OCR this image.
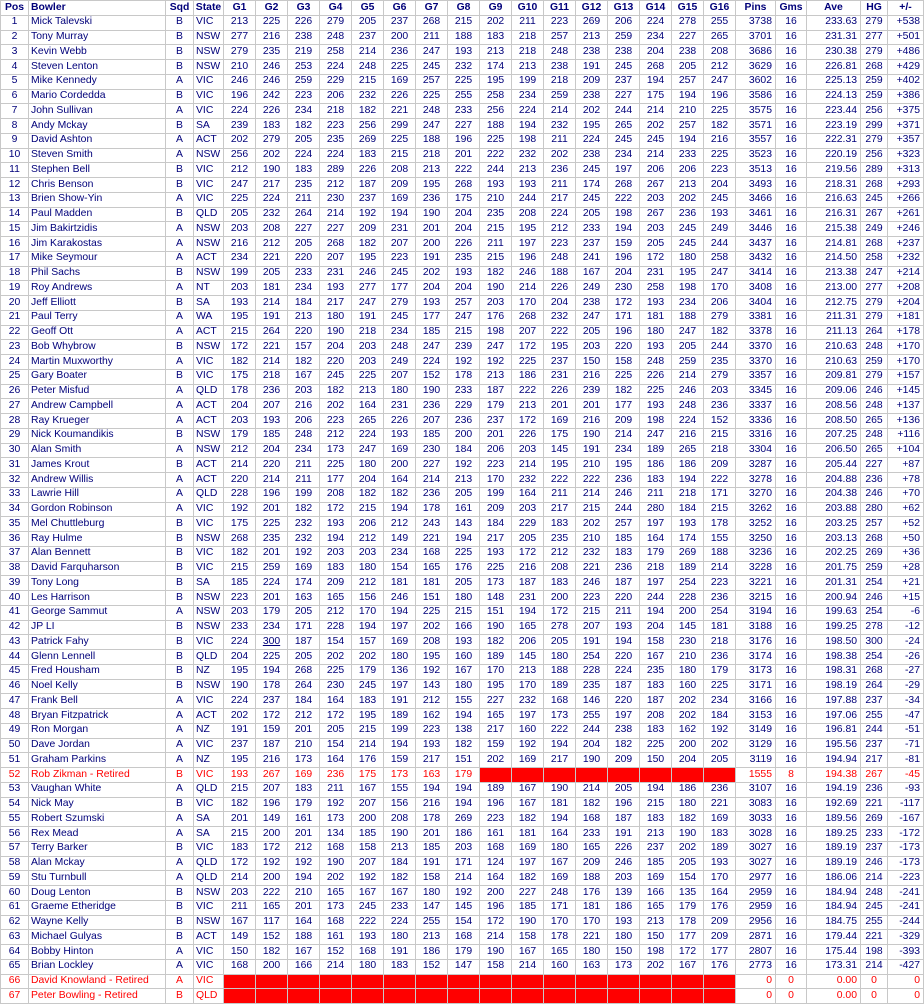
Pos	Bowler	Sqd	State	G1	G2	G3	G4	G5	G6	G7	G8	G9	G10	G11	G12	G13	G14	G15	G16	Pins	Gms	Ave	HG	+/-
1	Mick Talevski	B	VIC	213	225	226	279	205	237	268	215	202	211	223	269	206	224	278	255	3738	16	233.63	279	+538
2	Tony Murray	B	NSW	277	216	238	248	237	200	211	188	183	218	257	213	259	234	227	265	3701	16	231.31	277	+501
3	Kevin Webb	B	NSW	279	235	219	258	214	236	247	193	213	218	248	238	238	204	238	208	3686	16	230.38	279	+486
4	Steven Lenton	B	NSW	210	246	253	224	248	225	245	232	174	213	238	191	245	268	205	212	3629	16	226.81	268	+429
5	Mike Kennedy	A	VIC	246	246	259	229	215	169	257	225	195	199	218	209	237	194	257	247	3602	16	225.13	259	+402
6	Mario Cordedda	B	VIC	196	242	223	206	232	226	225	255	258	234	259	238	227	175	194	196	3586	16	224.13	259	+386
7	John Sullivan	A	VIC	224	226	234	218	182	221	248	233	256	224	214	202	244	214	210	225	3575	16	223.44	256	+375
8	Andy Mckay	B	SA	239	183	182	223	256	299	247	227	188	194	232	195	265	202	257	182	3571	16	223.19	299	+371
9	David Ashton	A	ACT	202	279	205	235	269	225	188	196	225	198	211	224	245	245	194	216	3557	16	222.31	279	+357
10	Steven Smith	A	NSW	256	202	224	224	183	215	218	201	222	232	202	238	234	214	233	225	3523	16	220.19	256	+323
11	Stephen Bell	B	VIC	212	190	183	289	226	208	213	222	244	213	236	245	197	206	206	223	3513	16	219.56	289	+313
12	Chris Benson	B	VIC	247	217	235	212	187	209	195	268	193	193	211	174	268	267	213	204	3493	16	218.31	268	+293
13	Brien Show-Yin	A	VIC	225	224	211	230	237	169	236	175	210	244	217	245	222	203	202	245	3466	16	216.63	245	+266
14	Paul Madden	B	QLD	205	232	264	214	192	194	190	204	235	208	224	205	198	267	236	193	3461	16	216.31	267	+261
15	Jim Bakirtzidis	A	NSW	203	208	227	227	209	231	201	204	215	195	212	233	194	203	245	249	3446	16	215.38	249	+246
16	Jim Karakostas	A	NSW	216	212	205	268	182	207	200	226	211	197	223	237	159	205	245	244	3437	16	214.81	268	+237
17	Mike Seymour	A	ACT	234	221	220	207	195	223	191	235	215	196	248	241	196	172	180	258	3432	16	214.50	258	+232
18	Phil Sachs	B	NSW	199	205	233	231	246	245	202	193	182	246	188	167	204	231	195	247	3414	16	213.38	247	+214
19	Roy Andrews	A	NT	203	181	234	193	277	177	204	204	190	214	226	249	230	258	198	170	3408	16	213.00	277	+208
20	Jeff Elliott	B	SA	193	214	184	217	247	279	193	257	203	170	204	238	172	193	234	206	3404	16	212.75	279	+204
21	Paul Terry	A	WA	195	191	213	180	191	245	177	247	176	268	232	247	171	181	188	279	3381	16	211.31	279	+181
22	Geoff Ott	A	ACT	215	264	220	190	218	234	185	215	198	207	222	205	196	180	247	182	3378	16	211.13	264	+178
23	Bob Whybrow	B	NSW	172	221	157	204	203	248	247	239	247	172	195	203	220	193	205	244	3370	16	210.63	248	+170
24	Martin Muxworthy	A	VIC	182	214	182	220	203	249	224	192	192	225	237	150	158	248	259	235	3370	16	210.63	259	+170
25	Gary Boater	B	VIC	175	218	167	245	225	207	152	178	213	186	231	216	225	226	214	279	3357	16	209.81	279	+157
26	Peter Misfud	A	QLD	178	236	203	182	213	180	190	233	187	222	226	239	182	225	246	203	3345	16	209.06	246	+145
27	Andrew Campbell	A	ACT	204	207	216	202	164	231	236	229	179	213	201	201	177	193	248	236	3337	16	208.56	248	+137
28	Ray Krueger	A	ACT	203	193	206	223	265	226	207	236	237	172	169	216	209	198	224	152	3336	16	208.50	265	+136
29	Nick Koumandikis	B	NSW	179	185	248	212	224	193	185	200	201	226	175	190	214	247	216	215	3316	16	207.25	248	+116
30	Alan Smith	A	NSW	212	204	234	173	247	169	230	184	206	203	145	191	234	189	265	218	3304	16	206.50	265	+104
31	James Krout	B	ACT	214	220	211	225	180	200	227	192	223	214	195	210	195	186	186	209	3287	16	205.44	227	+87
32	Andrew Willis	A	ACT	220	214	211	177	204	164	214	213	170	232	222	222	236	183	194	222	3278	16	204.88	236	+78
33	Lawrie Hill	A	QLD	228	196	199	208	182	182	236	205	199	164	211	214	246	211	218	171	3270	16	204.38	246	+70
34	Gordon Robinson	A	VIC	192	201	182	172	215	194	178	161	209	203	217	215	244	280	184	215	3262	16	203.88	280	+62
35	Mel Chuttleburg	B	VIC	175	225	232	193	206	212	243	143	184	229	183	202	257	197	193	178	3252	16	203.25	257	+52
36	Ray Hulme	B	NSW	268	235	232	194	212	149	221	194	217	205	235	210	185	164	174	155	3250	16	203.13	268	+50
37	Alan Bennett	B	VIC	182	201	192	203	203	234	168	225	193	172	212	232	183	179	269	188	3236	16	202.25	269	+36
38	David Farquharson	B	VIC	215	259	169	183	180	154	165	176	225	216	208	221	236	218	189	214	3228	16	201.75	259	+28
39	Tony Long	B	SA	185	224	174	209	212	181	181	205	173	187	183	246	187	197	254	223	3221	16	201.31	254	+21
40	Les Harrison	B	NSW	223	201	163	165	156	246	151	180	148	231	200	223	220	244	228	236	3215	16	200.94	246	+15
41	George Sammut	A	NSW	203	179	205	212	170	194	225	215	151	194	172	215	211	194	200	254	3194	16	199.63	254	-6
42	JP LI	B	NSW	233	234	171	228	194	197	202	166	190	165	278	207	193	204	145	181	3188	16	199.25	278	-12
43	Patrick Fahy	B	VIC	224	300	187	154	157	169	208	193	182	206	205	191	194	158	230	218	3176	16	198.50	300	-24
44	Glenn Lennell	B	QLD	204	225	205	202	202	180	195	160	189	145	180	254	220	167	210	236	3174	16	198.38	254	-26
45	Fred Housham	B	NZ	195	194	268	225	179	136	192	167	170	213	188	228	224	235	180	179	3173	16	198.31	268	-27
46	Noel Kelly	B	NSW	190	178	264	230	245	197	143	180	195	170	189	235	187	183	160	225	3171	16	198.19	264	-29
47	Frank Bell	A	VIC	224	237	184	164	183	191	212	155	227	232	168	146	220	187	202	234	3166	16	197.88	237	-34
48	Bryan Fitzpatrick	A	ACT	202	172	212	172	195	189	162	194	165	197	173	255	197	208	202	184	3153	16	197.06	255	-47
49	Ron Morgan	A	NZ	191	159	201	205	215	199	223	138	217	160	222	244	238	183	162	192	3149	16	196.81	244	-51
50	Dave Jordan	A	VIC	237	187	210	154	214	194	193	182	159	192	194	204	182	225	200	202	3129	16	195.56	237	-71
51	Graham Parkins	A	NZ	195	216	173	164	176	159	217	151	202	169	217	190	209	150	204	205	3119	16	194.94	217	-81
52	Rob Zikman - Retired	B	VIC	193	267	169	236	175	173	163	179									1555	8	194.38	267	-45
53	Vaughan White	A	QLD	215	207	183	211	167	155	194	194	189	167	190	214	205	194	186	236	3107	16	194.19	236	-93
54	Nick May	B	VIC	182	196	179	192	207	156	216	194	196	167	181	182	196	215	180	221	3083	16	192.69	221	-117
55	Robert Szumski	A	SA	201	149	161	173	200	208	178	269	223	182	194	168	187	183	182	169	3033	16	189.56	269	-167
56	Rex Mead	A	SA	215	200	201	134	185	190	201	186	161	181	164	233	191	213	190	183	3028	16	189.25	233	-172
57	Terry Barker	B	VIC	183	172	212	168	158	213	185	203	168	169	180	165	226	237	202	189	3027	16	189.19	237	-173
58	Alan Mckay	A	QLD	172	192	192	190	207	184	191	171	124	197	167	209	246	185	205	193	3027	16	189.19	246	-173
59	Stu Turnbull	A	QLD	214	200	194	202	192	182	158	214	164	182	169	188	203	169	154	170	2977	16	186.06	214	-223
60	Doug Lenton	B	NSW	203	222	210	165	167	167	180	192	200	227	248	176	139	166	135	164	2959	16	184.94	248	-241
61	Graeme Etheridge	B	VIC	211	165	201	173	245	233	147	145	196	185	171	181	186	165	179	176	2959	16	184.94	245	-241
62	Wayne Kelly	B	NSW	167	117	164	168	222	224	255	154	172	190	170	170	193	213	178	209	2956	16	184.75	255	-244
63	Michael Gulyas	B	ACT	149	152	188	161	193	180	213	168	214	158	178	221	180	150	177	209	2871	16	179.44	221	-329
64	Bobby Hinton	A	VIC	150	182	167	152	168	191	186	179	190	167	165	180	150	198	172	177	2807	16	175.44	198	-393
65	Brian Lockley	A	VIC	168	200	166	214	180	183	152	147	158	214	160	163	173	202	167	176	2773	16	173.31	214	-427
66	David Knowland - Retired	A	VIC																	0	0	0.00	0	0
67	Peter Bowling - Retired	B	QLD																	0	0	0.00	0	0
